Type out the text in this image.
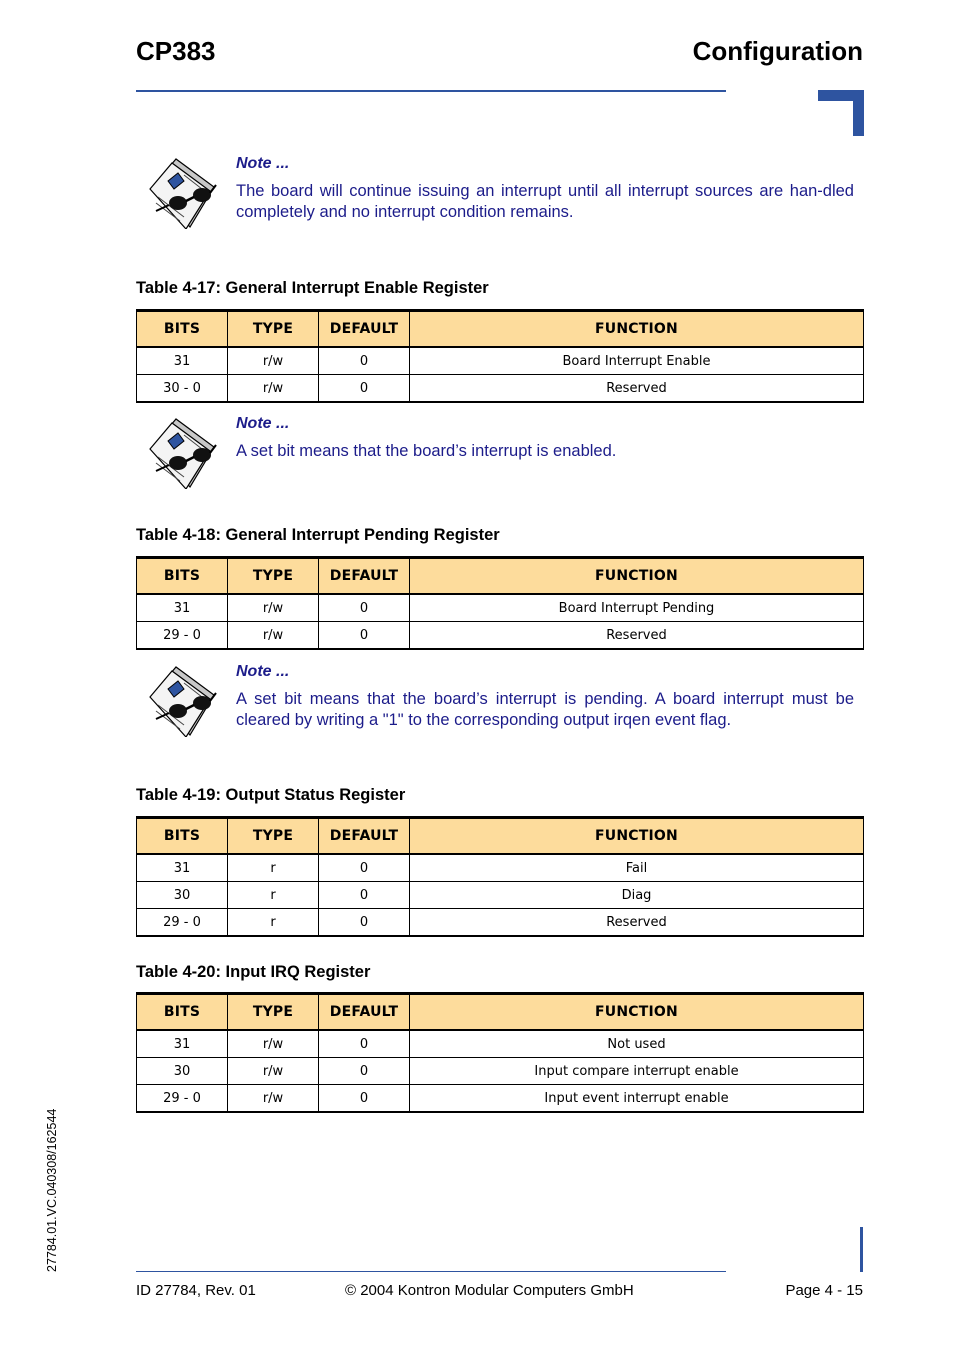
CP383	Configuration
Note ...
The board will continue issuing an interrupt until all interrupt sources are han-dled completely and no interrupt condition remains.
Table 4-17: General Interrupt Enable Register
BITS	TYPE	DEFAULT	FUNCTION
31	r/w	0	Board Interrupt Enable
30 - 0	r/w	0	Reserved
Note ...
A set bit means that the board’s interrupt is enabled.
Table 4-18: General Interrupt Pending Register
BITS	TYPE	DEFAULT	FUNCTION
31	r/w	0	Board Interrupt Pending
29 - 0	r/w	0	Reserved
Note ...
A set bit means that the board’s interrupt is pending. A board interrupt must be cleared by writing a "1" to the corresponding output irqen event flag.
Table 4-19: Output Status Register
BITS	TYPE	DEFAULT	FUNCTION
31	r	0	Fail
30	r	0	Diag
29 - 0	r	0	Reserved
Table 4-20: Input IRQ Register
BITS	TYPE	DEFAULT	FUNCTION
31	r/w	0	Not used
30	r/w	0	Input compare interrupt enable
29 - 0	r/w	0	Input event interrupt enable
27784.01.VC.040308/162544
ID 27784, Rev. 01	© 2004 Kontron Modular Computers GmbH	Page 4 - 15
